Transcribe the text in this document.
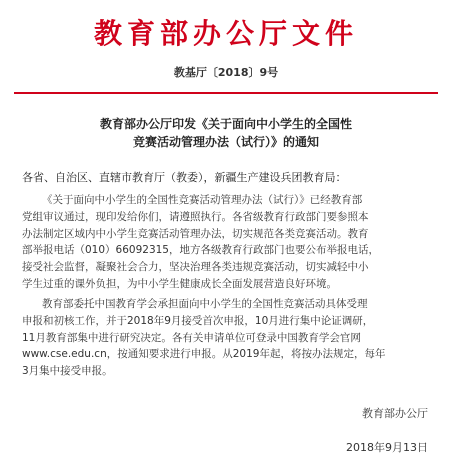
教育部办公厅文件
教基厅〔2018〕9号
教育部办公厅印发《关于面向中小学生的全国性
竞赛活动管理办法（试行）》的通知
各省、自治区、直辖市教育厅（教委），新疆生产建设兵团教育局：
《关于面向中小学生的全国性竞赛活动管理办法（试行）》已经教育部
党组审议通过，现印发给你们，请遵照执行。各省级教育行政部门要参照本
办法制定区域内中小学生竞赛活动管理办法，切实规范各类竞赛活动。教育
部举报电话（010）66092315，地方各级教育行政部门也要公布举报电话，
接受社会监督，凝聚社会合力，坚决治理各类违规竞赛活动，切实减轻中小
学生过重的课外负担，为中小学生健康成长全面发展营造良好环境。
教育部委托中国教育学会承担面向中小学生的全国性竞赛活动具体受理
申报和初核工作，并于2018年9月接受首次申报，10月进行集中论证调研，
11月教育部集中进行研究决定。各有关申请单位可登录中国教育学会官网
www.cse.edu.cn，按通知要求进行申报。从2019年起，将按办法规定，每年
3月集中接受申报。
教育部办公厅
2018年9月13日
